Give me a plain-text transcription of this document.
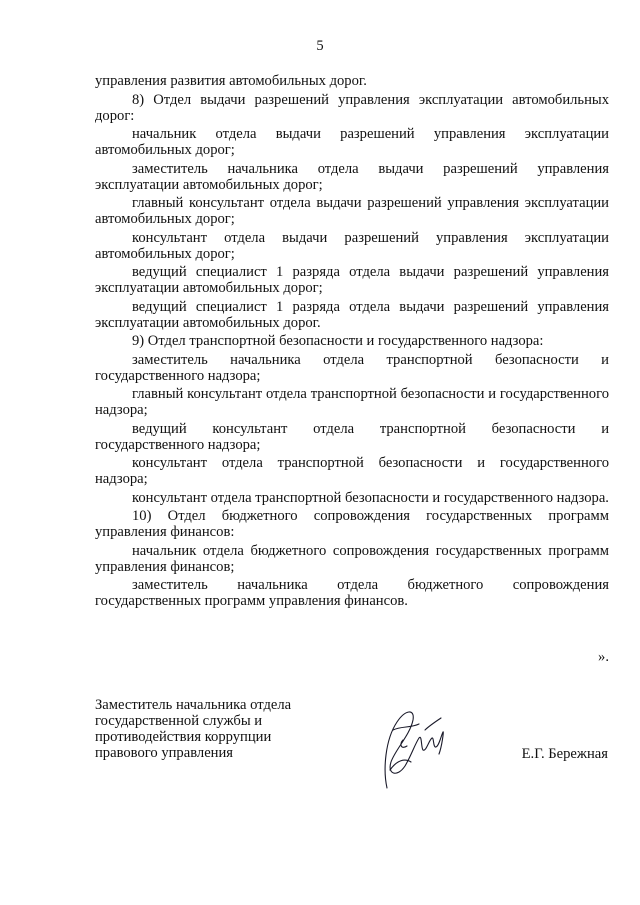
5

управления развития автомобильных дорог.

8) Отдел выдачи разрешений управления эксплуатации автомобильных дорог:

начальник отдела выдачи разрешений управления эксплуатации автомобильных дорог;

заместитель начальника отдела выдачи разрешений управления эксплуатации автомобильных дорог;

главный консультант отдела выдачи разрешений управления эксплуатации автомобильных дорог;

консультант отдела выдачи разрешений управления эксплуатации автомобильных дорог;

ведущий специалист 1 разряда отдела выдачи разрешений управления эксплуатации автомобильных дорог;

ведущий специалист 1 разряда отдела выдачи разрешений управления эксплуатации автомобильных дорог.

9) Отдел транспортной безопасности и государственного надзора:

заместитель начальника отдела транспортной безопасности и государственного надзора;

главный консультант отдела транспортной безопасности и государственного надзора;

ведущий консультант отдела транспортной безопасности и государственного надзора;

консультант отдела транспортной безопасности и государственного надзора;

консультант отдела транспортной безопасности и государственного надзора.

10) Отдел бюджетного сопровождения государственных программ управления финансов:

начальник отдела бюджетного сопровождения государственных программ управления финансов;

заместитель начальника отдела бюджетного сопровождения государственных программ управления финансов.

».
Заместитель начальника отдела
государственной службы и
противодействия коррупции
правового управления	Е.Г. Бережная
